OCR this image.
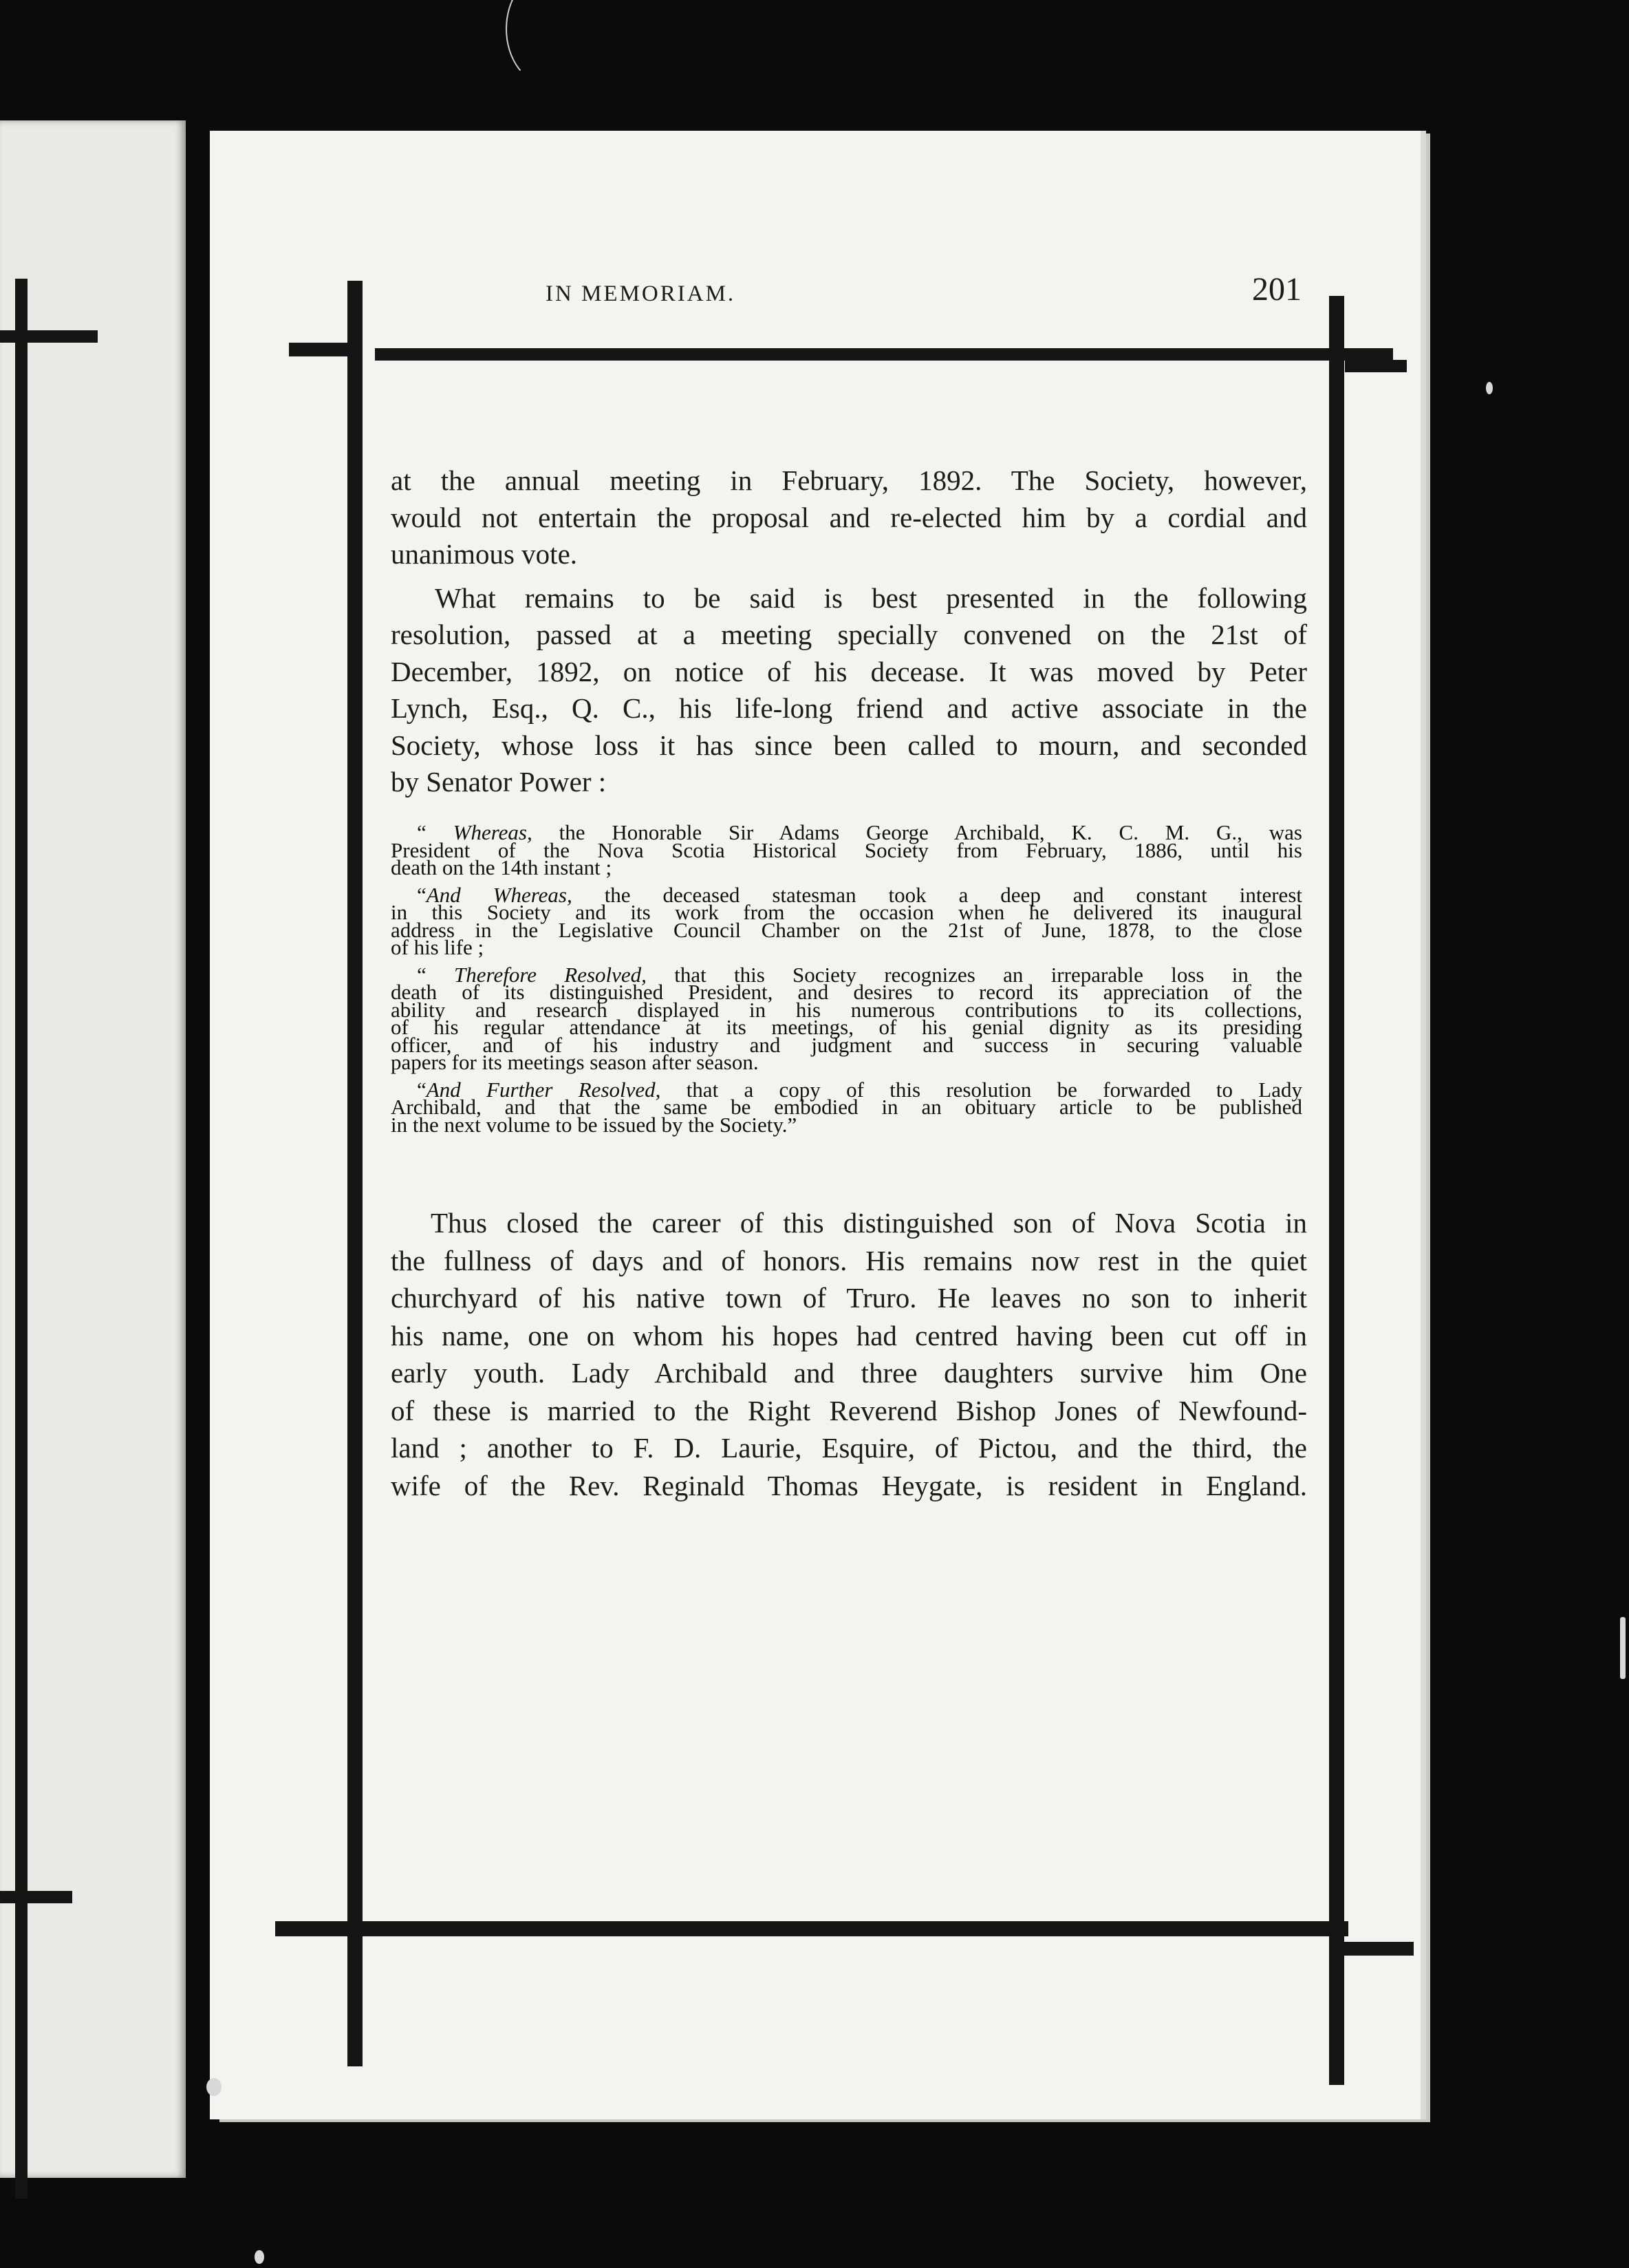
IN MEMORIAM.	201
at the annual meeting in February, 1892. The Society, however,
would not entertain the proposal and re-elected him by a cordial and
unanimous vote.
What remains to be said is best presented in the following
resolution, passed at a meeting specially convened on the 21st of
December, 1892, on notice of his decease. It was moved by Peter
Lynch, Esq., Q. C., his life-long friend and active associate in the
Society, whose loss it has since been called to mourn, and seconded
by Senator Power :
“ Whereas, the Honorable Sir Adams George Archibald, K. C. M. G., was
President of the Nova Scotia Historical Society from February, 1886, until his
death on the 14th instant ;
“And Whereas, the deceased statesman took a deep and constant interest
in this Society and its work from the occasion when he delivered its inaugural
address in the Legislative Council Chamber on the 21st of June, 1878, to the close
of his life ;
“ Therefore Resolved, that this Society recognizes an irreparable loss in the
death of its distinguished President, and desires to record its appreciation of the
ability and research displayed in his numerous contributions to its collections,
of his regular attendance at its meetings, of his genial dignity as its presiding
officer, and of his industry and judgment and success in securing valuable
papers for its meetings season after season.
“And Further Resolved, that a copy of this resolution be forwarded to Lady
Archibald, and that the same be embodied in an obituary article to be published
in the next volume to be issued by the Society.”
Thus closed the career of this distinguished son of Nova Scotia in
the fullness of days and of honors. His remains now rest in the quiet
churchyard of his native town of Truro. He leaves no son to inherit
his name, one on whom his hopes had centred having been cut off in
early youth. Lady Archibald and three daughters survive him One
of these is married to the Right Reverend Bishop Jones of Newfound-
land ; another to F. D. Laurie, Esquire, of Pictou, and the third, the
wife of the Rev. Reginald Thomas Heygate, is resident in England.
